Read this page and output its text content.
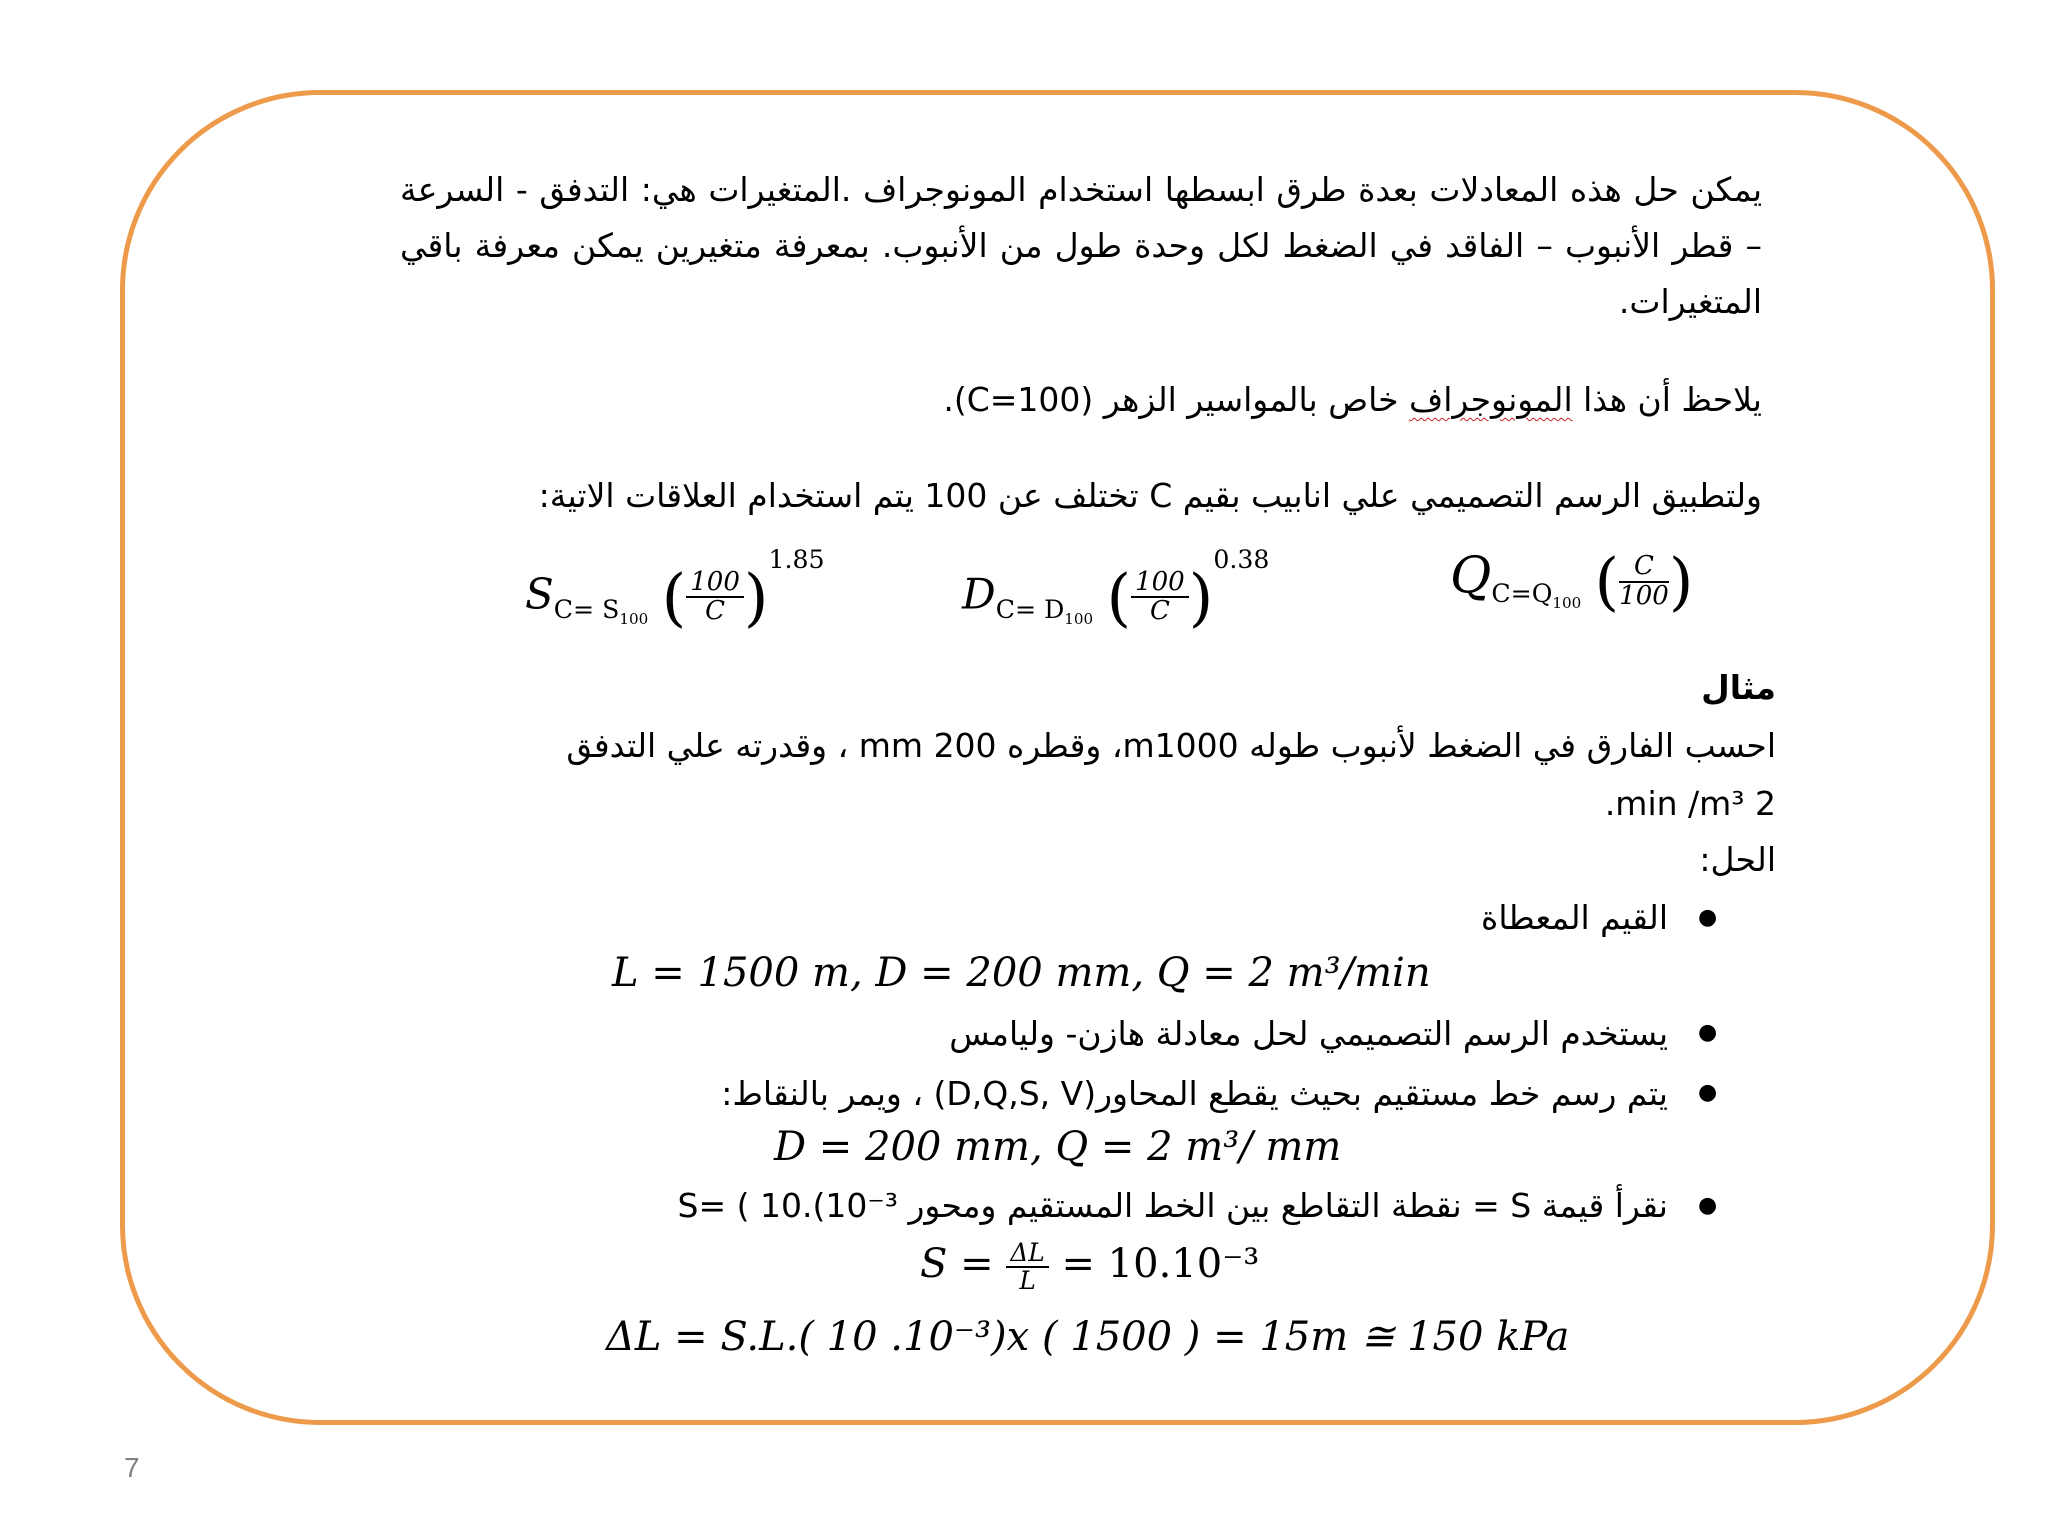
يمكن حل هذه المعادلات بعدة طرق ابسطها استخدام المونوجراف .المتغيرات هي: التدفق - السرعة – قطر الأنبوب – الفاقد في الضغط لكل وحدة طول من الأنبوب. بمعرفة متغيرين يمكن معرفة باقي المتغيرات.
يلاحظ أن هذا المونوجراف خاص بالمواسير الزهر (C=100).
ولتطبيق الرسم التصميمي علي انابيب بقيم C تختلف عن 100 يتم استخدام العلاقات الاتية:
$S_{C= S_{100}}$ ( $\frac{100}{C} )^{1.85}$
$D_{C= D_{100}}$ ( $\frac{100}{C} )^{0.38}$	$Q_{C=Q_{100}}$ ( $\frac{C}{100}$ )
مثال
احسب الفارق في الضغط لأنبوب طوله m1000، وقطره 200 mm ، وقدرته علي التدفق
.min /m³ 2
الحل:
●
القيم المعطاة
L = 1500 m, D = 200 mm, Q = 2 m³/min
●
يستخدم الرسم التصميمي لحل معادلة هازن- وليامس
●
يتم رسم خط مستقيم بحيث يقطع المحاور(D,Q,S, V) ، ويمر بالنقاط:
D = 200 mm, Q = 2 m³/ mm
●
نقرأ قيمة S = نقطة التقاطع بين الخط المستقيم ومحور S= ( 10.(10⁻³
$S = \frac{\Delta L}{L} = 10.10^{-3}$
ΔL = S.L.( 10 .10⁻³)x ( 1500 ) = 15m ≅ 150 kPa
7
